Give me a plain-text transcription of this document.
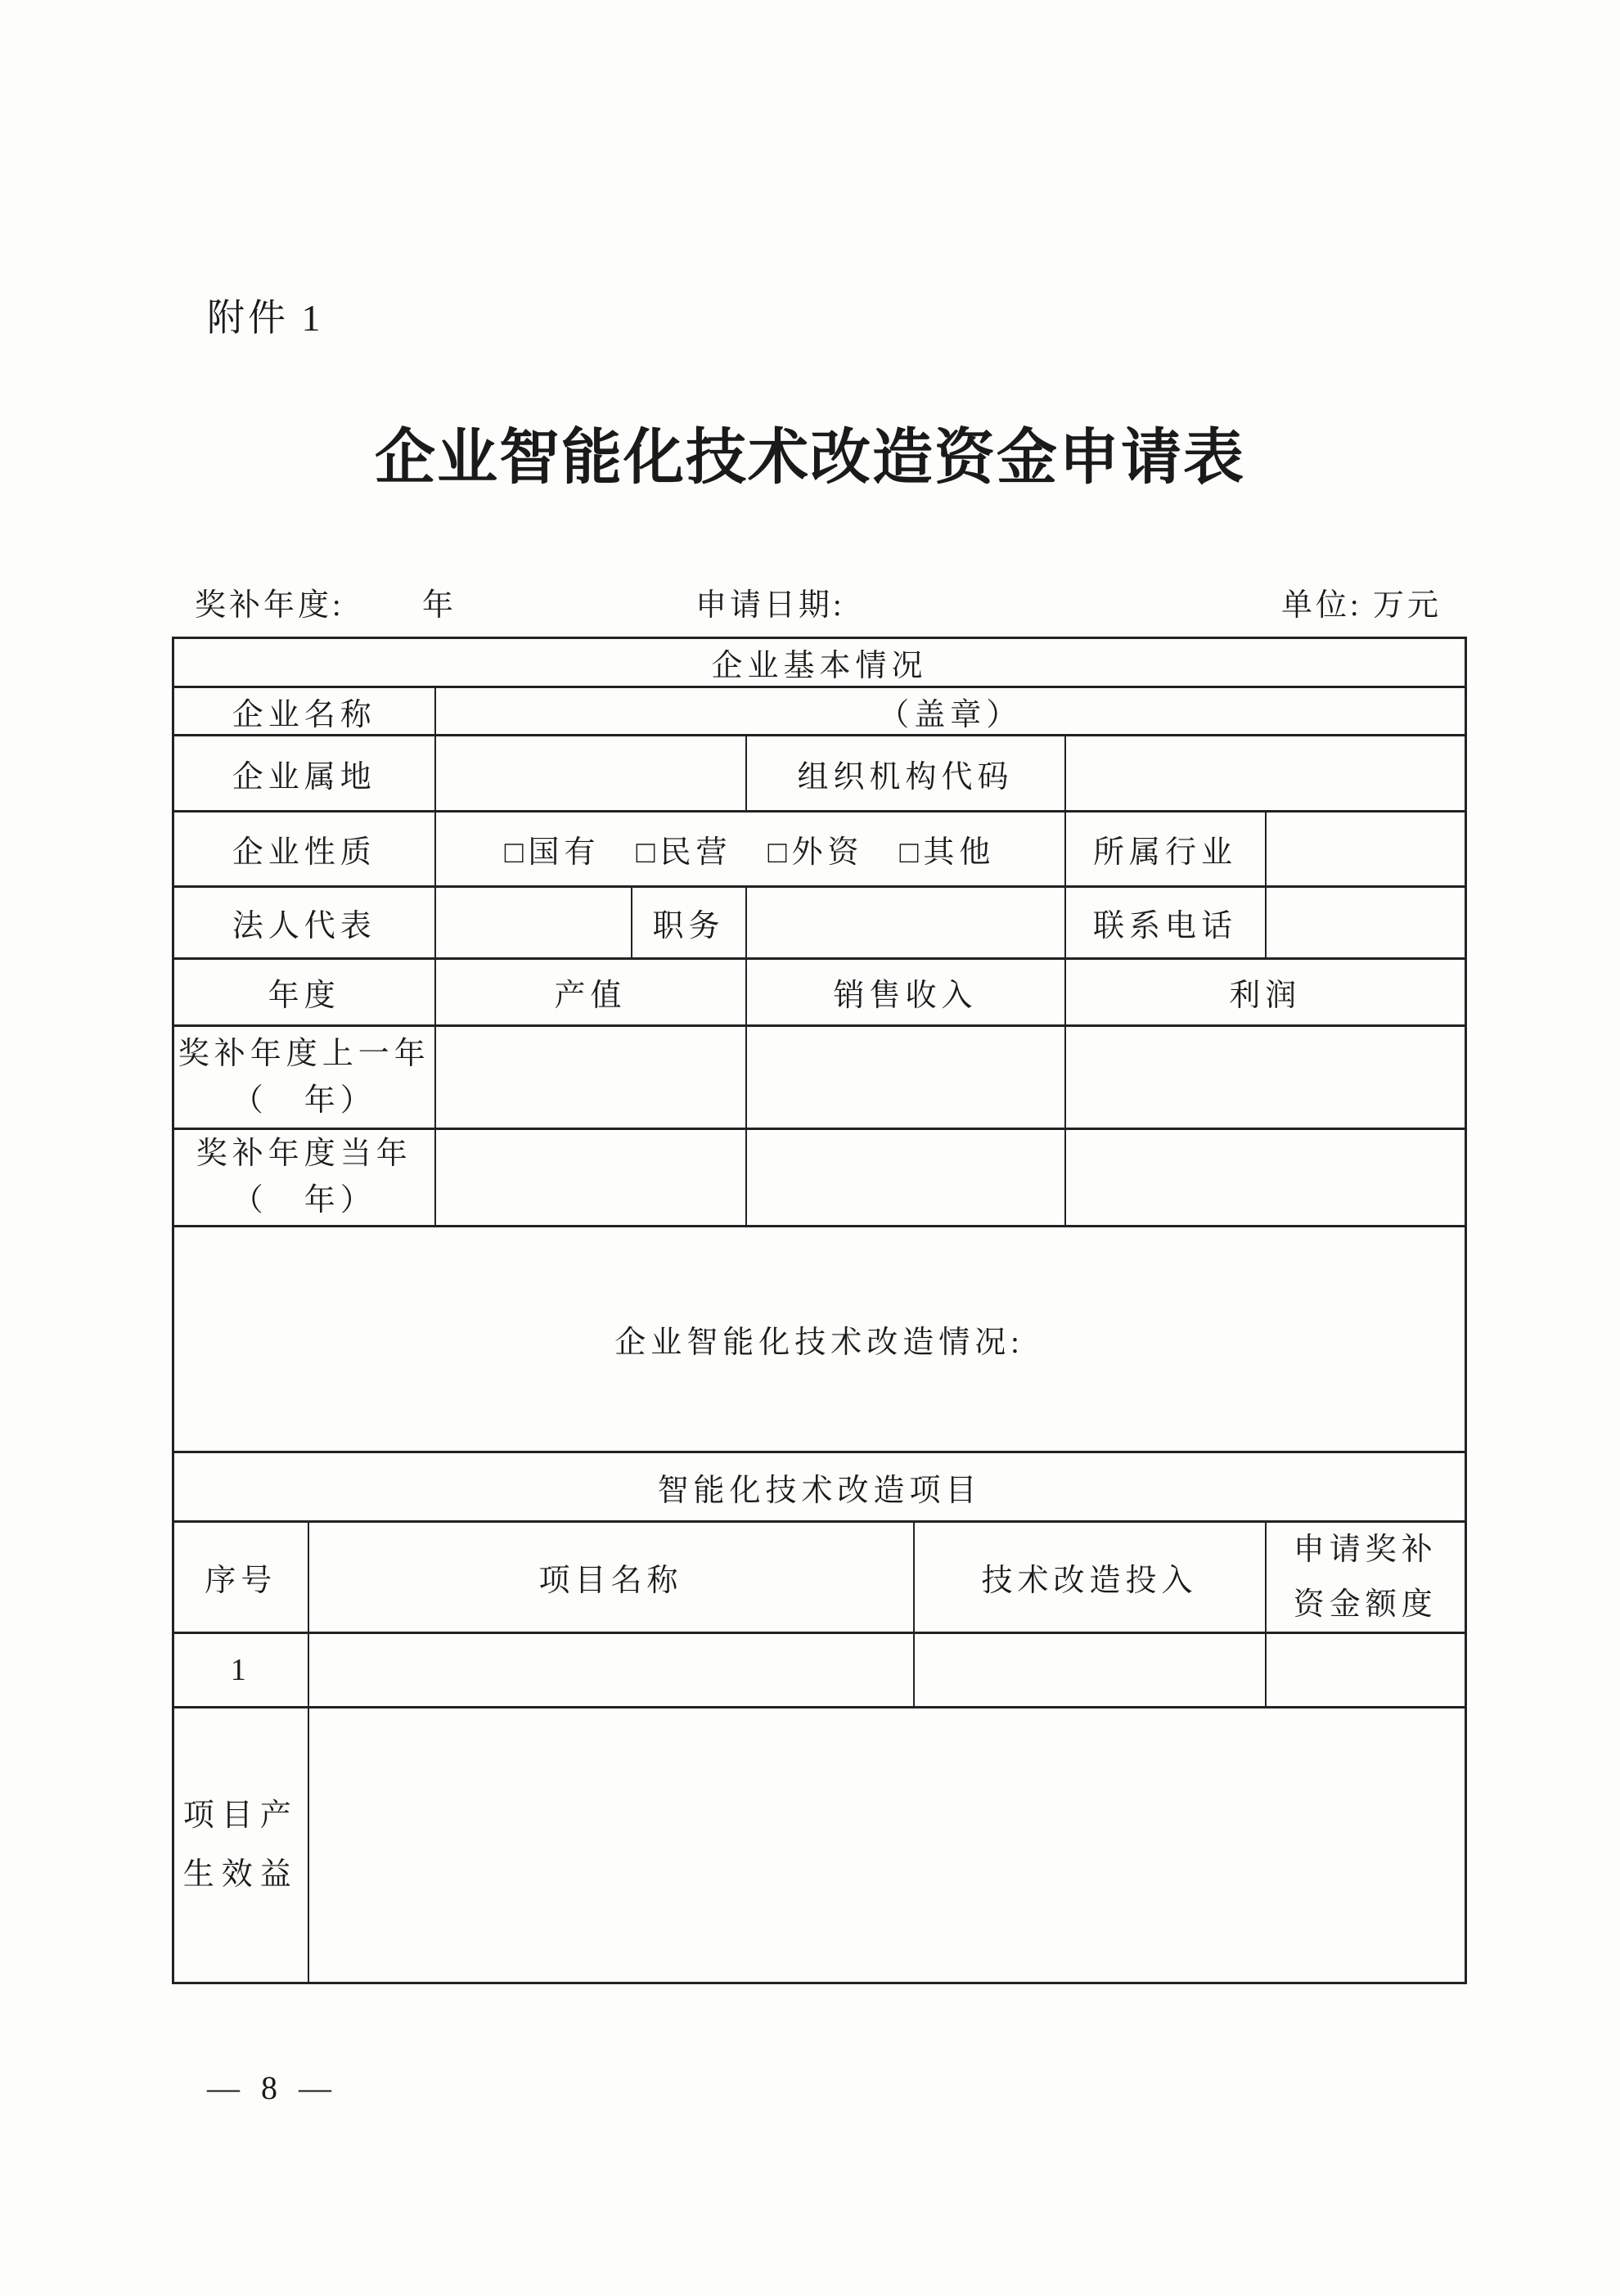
附件 1
企业智能化技术改造资金申请表
奖补年度:	年	申请日期:	单位: 万元
企业基本情况							
企业名称		（盖章）					
企业属地				组织机构代码			
企业性质		□国有　□民营　□外资　□其他				所属行业	
法人代表			职务			联系电话	
年度		产值		销售收入		利润	

奖补年度上一年
（　年）							

奖补年度当年
（　年）							

企业智能化技术改造情况:							
智能化技术改造项目							
序号	项目名称				技术改造投入		申请奖补
资金额度

1							

项目产
生效益							

— 8 —
